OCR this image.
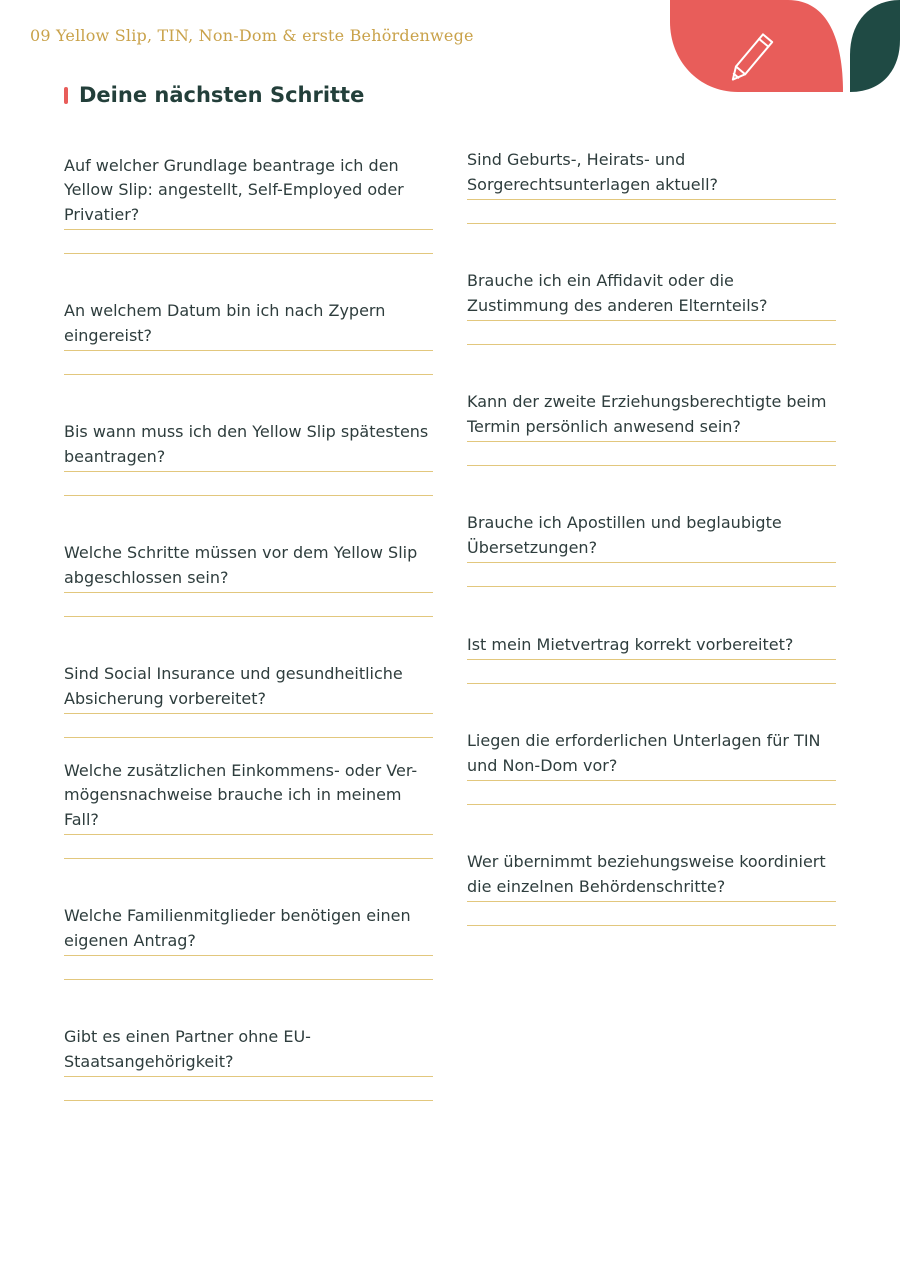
09 Yellow Slip, TIN, Non-Dom & erste Behördenwege
Deine nächsten Schritte
Auf welcher Grundlage beantrage ich den Yellow Slip: angestellt, Self-Employed oder Privatier?
An welchem Datum bin ich nach Zypern eingereist?
Bis wann muss ich den Yellow Slip spätestens beantragen?
Welche Schritte müssen vor dem Yellow Slip abgeschlossen sein?
Sind Social Insurance und gesundheitliche Absicherung vorbereitet?
Welche zusätzlichen Einkommens- oder Ver-mögensnachweise brauche ich in meinem Fall?
Welche Familienmitglieder benötigen einen eigenen Antrag?
Gibt es einen Partner ohne EU-Staatsangehörigkeit?
Sind Geburts-, Heirats- und Sorgerechtsunterlagen aktuell?
Brauche ich ein Affidavit oder die Zustimmung des anderen Elternteils?
Kann der zweite Erziehungsberechtigte beim Termin persönlich anwesend sein?
Brauche ich Apostillen und beglaubigte Übersetzungen?
Ist mein Mietvertrag korrekt vorbereitet?
Liegen die erforderlichen Unterlagen für TIN und Non-Dom vor?
Wer übernimmt beziehungsweise koordiniert die einzelnen Behördenschritte?
